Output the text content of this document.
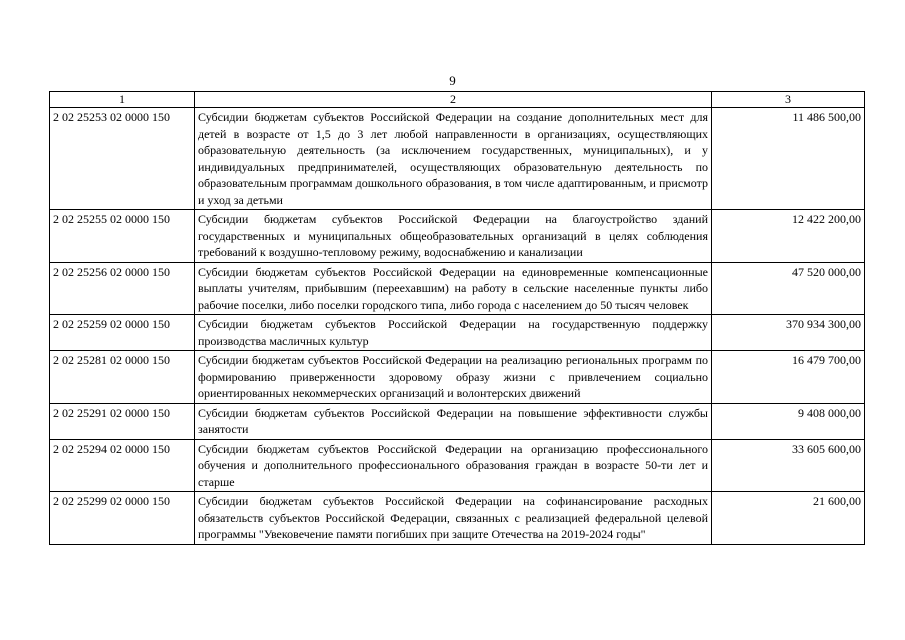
9
1	2	3
2 02 25253 02 0000 150	Субсидии бюджетам субъектов Российской Федерации на создание дополнительных мест для детей в возрасте от 1,5 до 3 лет любой направленности в организациях, осуществляющих образовательную деятельность (за исключением государственных, муниципальных), и у индивидуальных предпринимателей, осуществляющих образовательную деятельность по образовательным программам дошкольного образования, в том числе адаптированным, и присмотр и уход за детьми	11 486 500,00
2 02 25255 02 0000 150	Субсидии бюджетам субъектов Российской Федерации на благоустройство зданий государственных и муниципальных общеобразовательных организаций в целях соблюдения требований к воздушно-тепловому режиму, водоснабжению и канализации	12 422 200,00
2 02 25256 02 0000 150	Субсидии бюджетам субъектов Российской Федерации на единовременные компенсационные выплаты учителям, прибывшим (переехавшим) на работу в сельские населенные пункты либо рабочие поселки, либо поселки городского типа, либо города с населением до 50 тысяч человек	47 520 000,00
2 02 25259 02 0000 150	Субсидии бюджетам субъектов Российской Федерации на государственную поддержку производства масличных культур	370 934 300,00
2 02 25281 02 0000 150	Субсидии бюджетам субъектов Российской Федерации на реализацию региональных программ по формированию приверженности здоровому образу жизни с привлечением социально ориентированных некоммерческих организаций и волонтерских движений	16 479 700,00
2 02 25291 02 0000 150	Субсидии бюджетам субъектов Российской Федерации на повышение эффективности службы занятости	9 408 000,00
2 02 25294 02 0000 150	Субсидии бюджетам субъектов Российской Федерации на организацию профессионального обучения и дополнительного профессионального образования граждан в возрасте 50-ти лет и старше	33 605 600,00
2 02 25299 02 0000 150	Субсидии бюджетам субъектов Российской Федерации на софинансирование расходных обязательств субъектов Российской Федерации, связанных с реализацией федеральной целевой программы "Увековечение памяти погибших при защите Отечества на 2019-2024 годы"	21 600,00
